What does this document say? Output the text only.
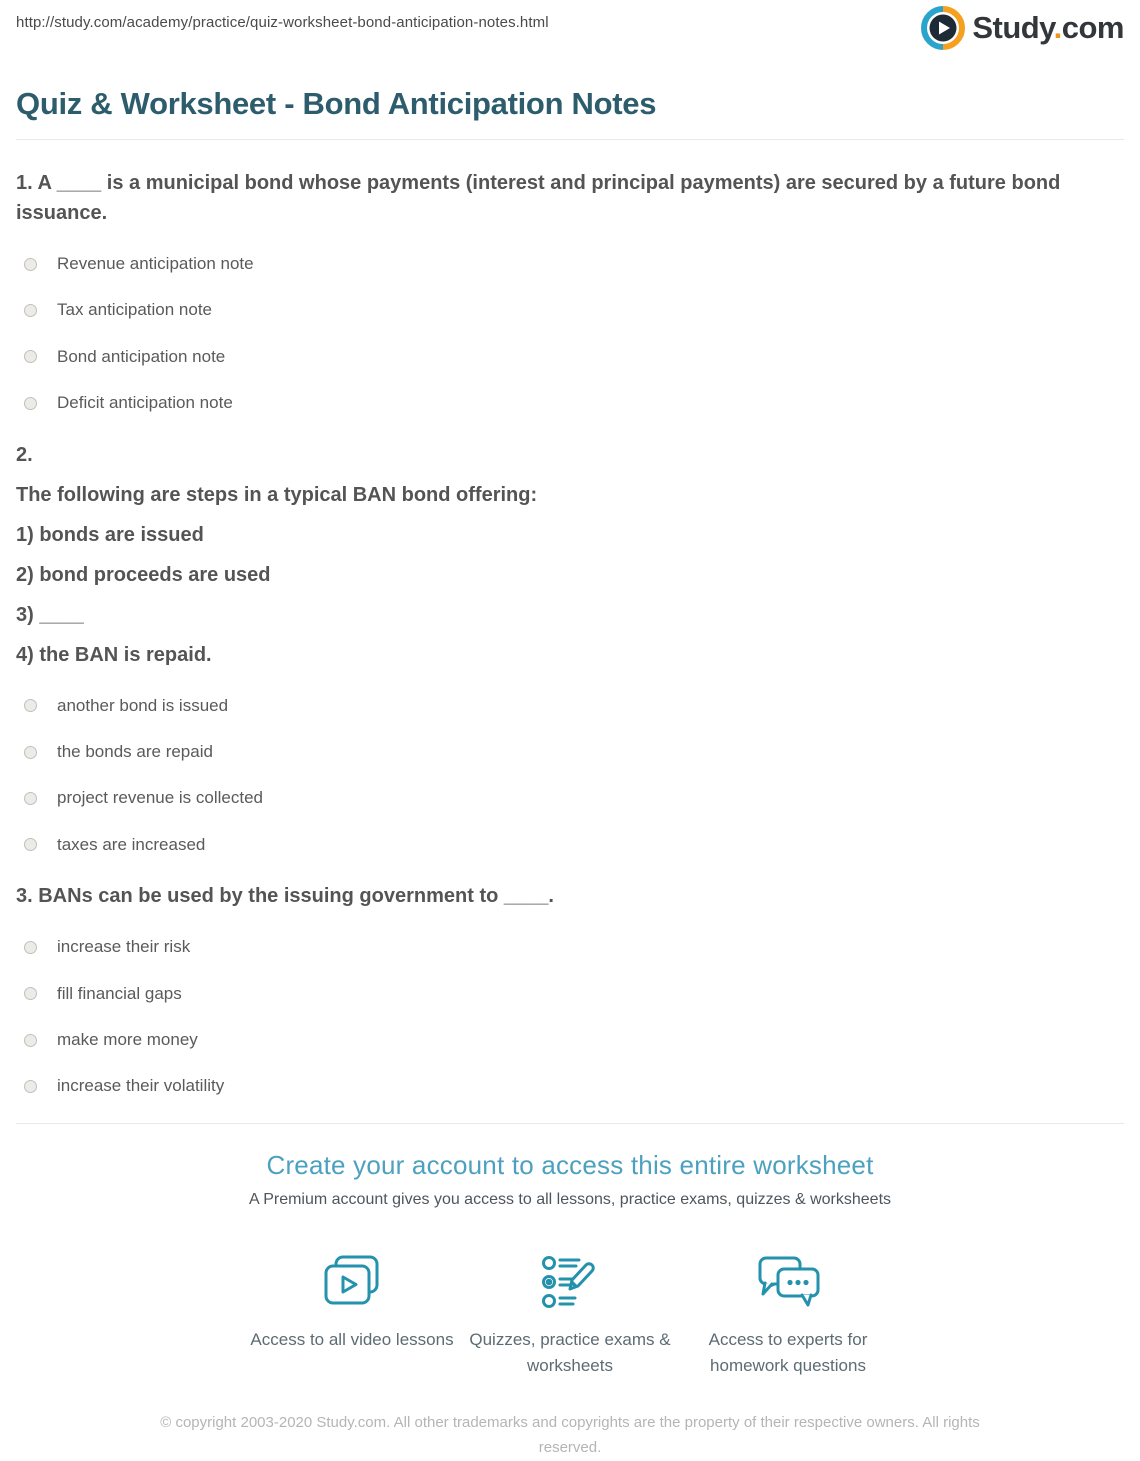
http://study.com/academy/practice/quiz-worksheet-bond-anticipation-notes.html	Study.com
Quiz & Worksheet - Bond Anticipation Notes

1. A ____ is a municipal bond whose payments (interest and principal payments) are secured by a future bond issuance.

Revenue anticipation note
Tax anticipation note
Bond anticipation note
Deficit anticipation note

2.

The following are steps in a typical BAN bond offering:

1) bonds are issued

2) bond proceeds are used

3) ____

4) the BAN is repaid.

another bond is issued
the bonds are repaid
project revenue is collected
taxes are increased

3. BANs can be used by the issuing government to ____.

increase their risk
fill financial gaps
make more money
increase their volatility
Create your account to access this entire worksheet

A Premium account gives you access to all lessons, practice exams, quizzes & worksheets

Access to all video lessons Quizzes, practice exams & worksheets
Access to experts for homework questions

© copyright 2003-2020 Study.com. All other trademarks and copyrights are the property of their respective owners. All rights reserved.
